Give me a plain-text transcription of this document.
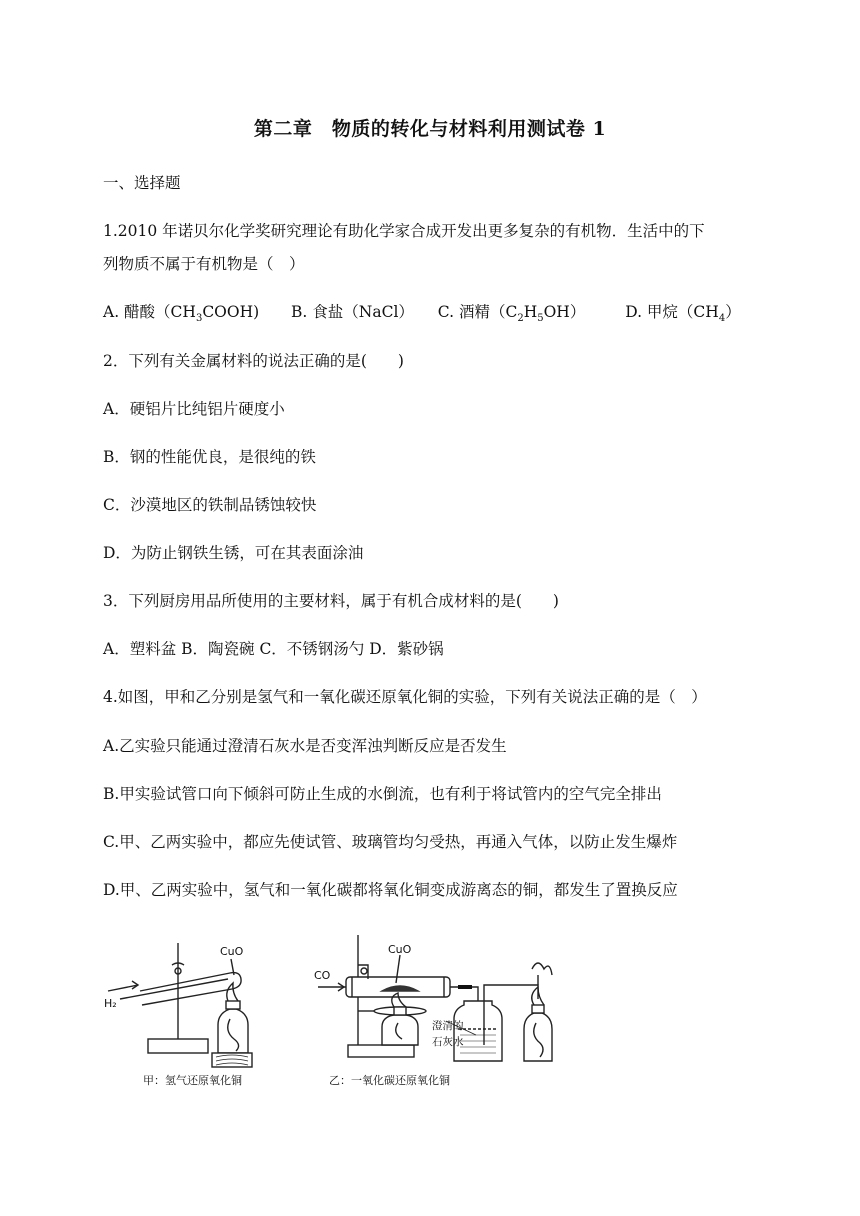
第二章　物质的转化与材料利用测试卷 1
一、选择题
1.2010 年诺贝尔化学奖研究理论有助化学家合成开发出更多复杂的有机物．生活中的下
列物质不属于有机物是（　）
A. 醋酸$(CH_3COOH)$ B. 食盐（NaCl） C. 酒精$(C_2H_5OH)$	D. 甲烷$(CH_4)$
2．下列有关金属材料的说法正确的是(　　)
A．硬铝片比纯铝片硬度小
B．钢的性能优良，是很纯的铁
C．沙漠地区的铁制品锈蚀较快
D．为防止钢铁生锈，可在其表面涂油
3．下列厨房用品所使用的主要材料，属于有机合成材料的是(　　)
A．塑料盆 B．陶瓷碗 C．不锈钢汤勺 D．紫砂锅
4.如图，甲和乙分别是氢气和一氧化碳还原氧化铜的实验，下列有关说法正确的是（　）
A.乙实验只能通过澄清石灰水是否变浑浊判断反应是否发生
B.甲实验试管口向下倾斜可防止生成的水倒流，也有利于将试管内的空气完全排出
C.甲、乙两实验中，都应先使试管、玻璃管均匀受热，再通入气体，以防止发生爆炸
D.甲、乙两实验中，氢气和一氧化碳都将氧化铜变成游离态的铜，都发生了置换反应
CuO
H₂
CO
CuO
澄清的
石灰水
甲：氢气还原氧化铜	乙：一氧化碳还原氧化铜
